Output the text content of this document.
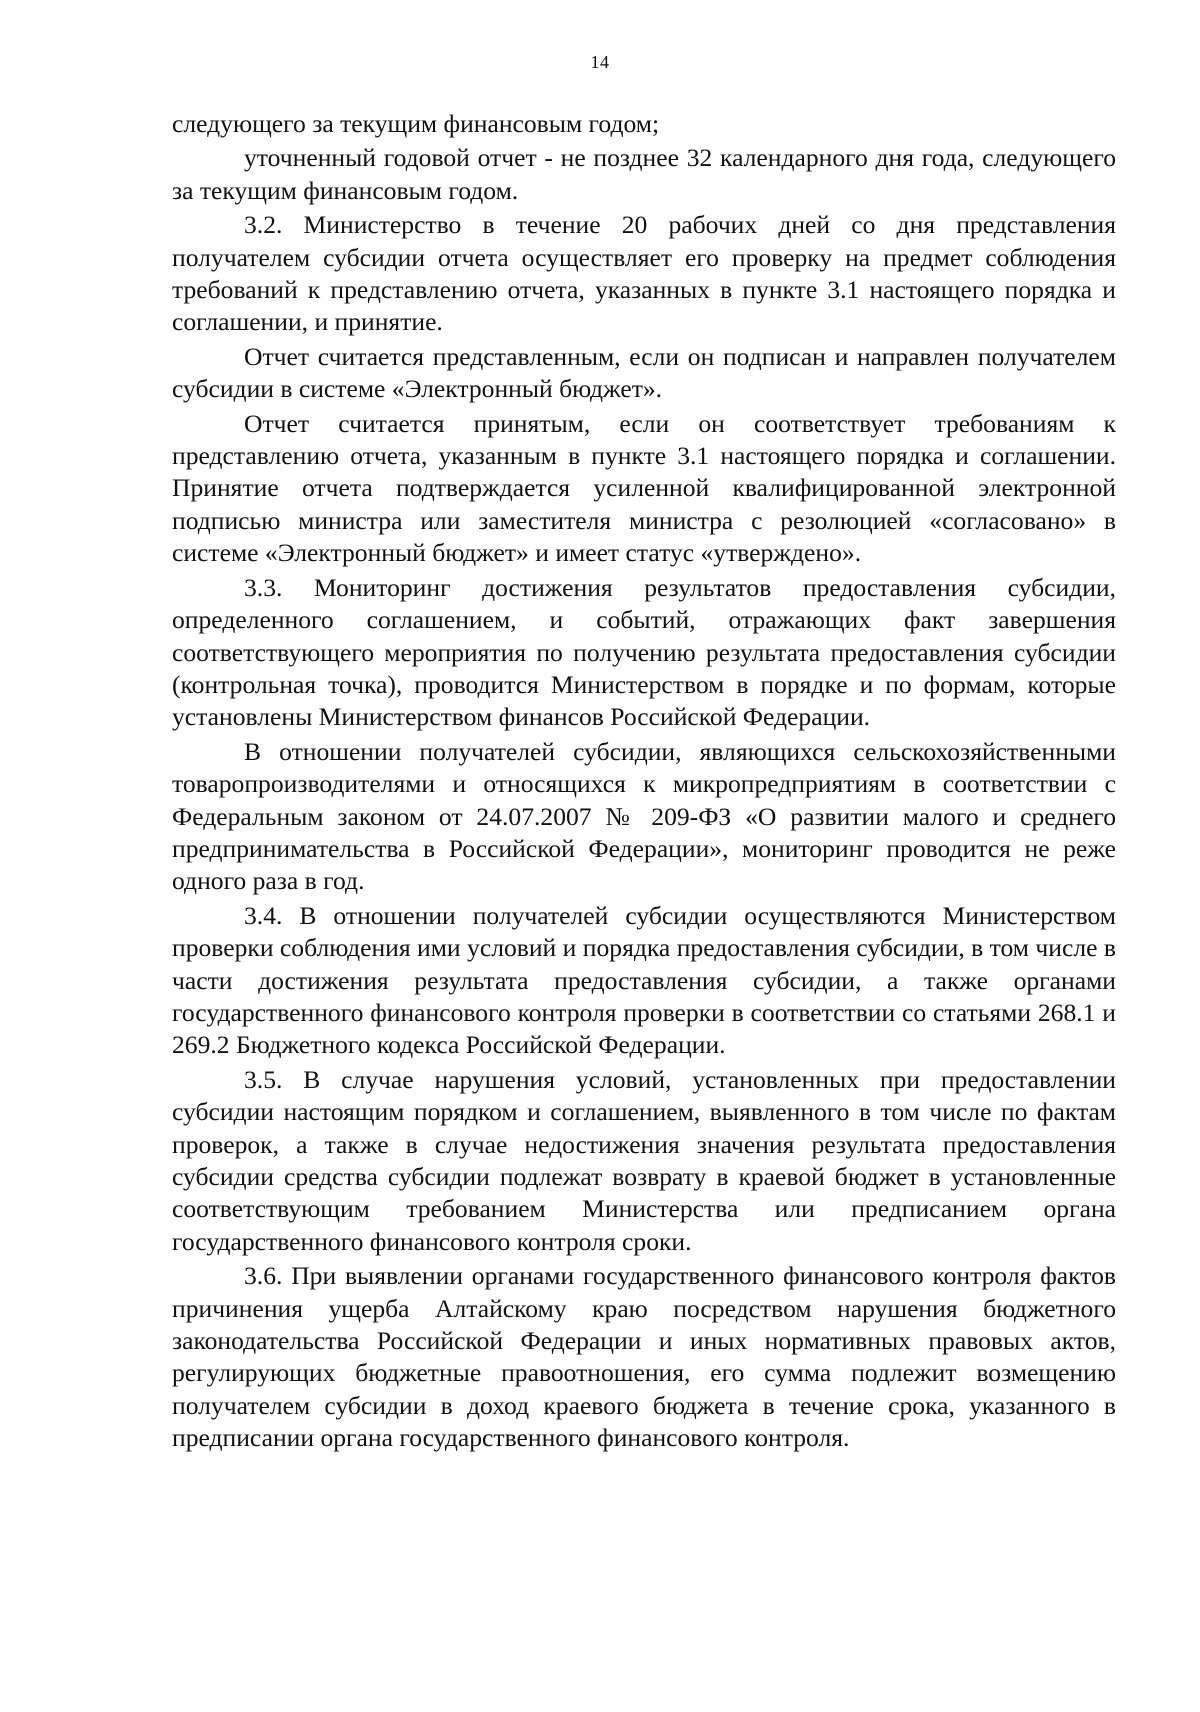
14

следующего за текущим финансовым годом;

уточненный годовой отчет - не позднее 32 календарного дня года, следующего за текущим финансовым годом.

3.2. Министерство в течение 20 рабочих дней со дня представления получателем субсидии отчета осуществляет его проверку на предмет соблюдения требований к представлению отчета, указанных в пункте 3.1 настоящего порядка и соглашении, и принятие.

Отчет считается представленным, если он подписан и направлен получателем субсидии в системе «Электронный бюджет».

Отчет считается принятым, если он соответствует требованиям к представлению отчета, указанным в пункте 3.1 настоящего порядка и соглашении. Принятие отчета подтверждается усиленной квалифицированной электронной подписью министра или заместителя министра с резолюцией «согласовано» в системе «Электронный бюджет» и имеет статус «утверждено».

3.3. Мониторинг достижения результатов предоставления субсидии, определенного соглашением, и событий, отражающих факт завершения соответствующего мероприятия по получению результата предоставления субсидии (контрольная точка), проводится Министерством в порядке и по формам, которые установлены Министерством финансов Российской Федерации.

В отношении получателей субсидии, являющихся сельскохозяйственными товаропроизводителями и относящихся к микропредприятиям в соответствии с Федеральным законом от 24.07.2007 № 209-ФЗ «О развитии малого и среднего предпринимательства в Российской Федерации», мониторинг проводится не реже одного раза в год.

3.4. В отношении получателей субсидии осуществляются Министерством проверки соблюдения ими условий и порядка предоставления субсидии, в том числе в части достижения результата предоставления субсидии, а также органами государственного финансового контроля проверки в соответствии со статьями 268.1 и 269.2 Бюджетного кодекса Российской Федерации.

3.5. В случае нарушения условий, установленных при предоставлении субсидии настоящим порядком и соглашением, выявленного в том числе по фактам проверок, а также в случае недостижения значения результата предоставления субсидии средства субсидии подлежат возврату в краевой бюджет в установленные соответствующим требованием Министерства или предписанием органа государственного финансового контроля сроки.

3.6. При выявлении органами государственного финансового контроля фактов причинения ущерба Алтайскому краю посредством нарушения бюджетного законодательства Российской Федерации и иных нормативных правовых актов, регулирующих бюджетные правоотношения, его сумма подлежит возмещению получателем субсидии в доход краевого бюджета в течение срока, указанного в предписании органа государственного финансового контроля.
